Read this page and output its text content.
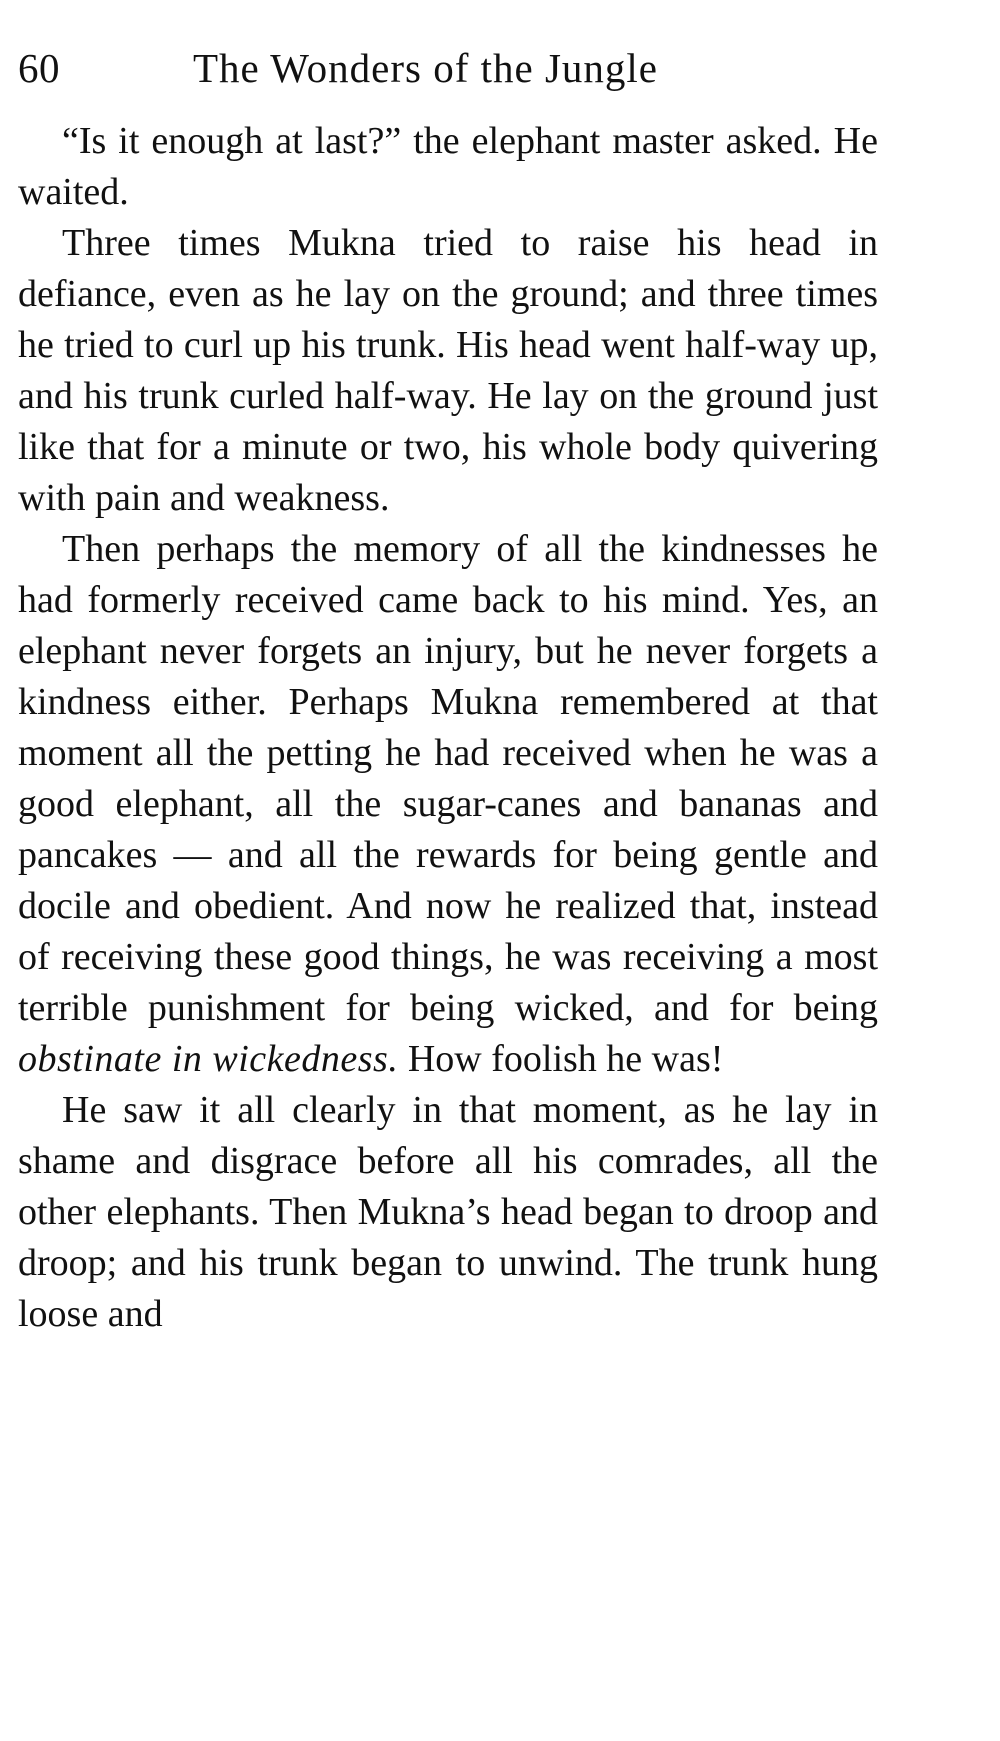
60	The Wonders of the Jungle

“Is it enough at last?” the elephant master asked. He waited.

Three times Mukna tried to raise his head in defiance, even as he lay on the ground; and three times he tried to curl up his trunk. His head went half-way up, and his trunk curled half-way. He lay on the ground just like that for a minute or two, his whole body quivering with pain and weakness.

Then perhaps the memory of all the kindnesses he had formerly received came back to his mind. Yes, an elephant never forgets an injury, but he never forgets a kindness either. Perhaps Mukna remembered at that moment all the petting he had received when he was a good elephant, all the sugar-canes and bananas and pancakes — and all the rewards for being gentle and docile and obedient. And now he realized that, instead of receiving these good things, he was receiving a most terrible punishment for being wicked, and for being obstinate in wickedness. How foolish he was!

He saw it all clearly in that moment, as he lay in shame and disgrace before all his comrades, all the other elephants. Then Mukna’s head began to droop and droop; and his trunk began to unwind. The trunk hung loose and
